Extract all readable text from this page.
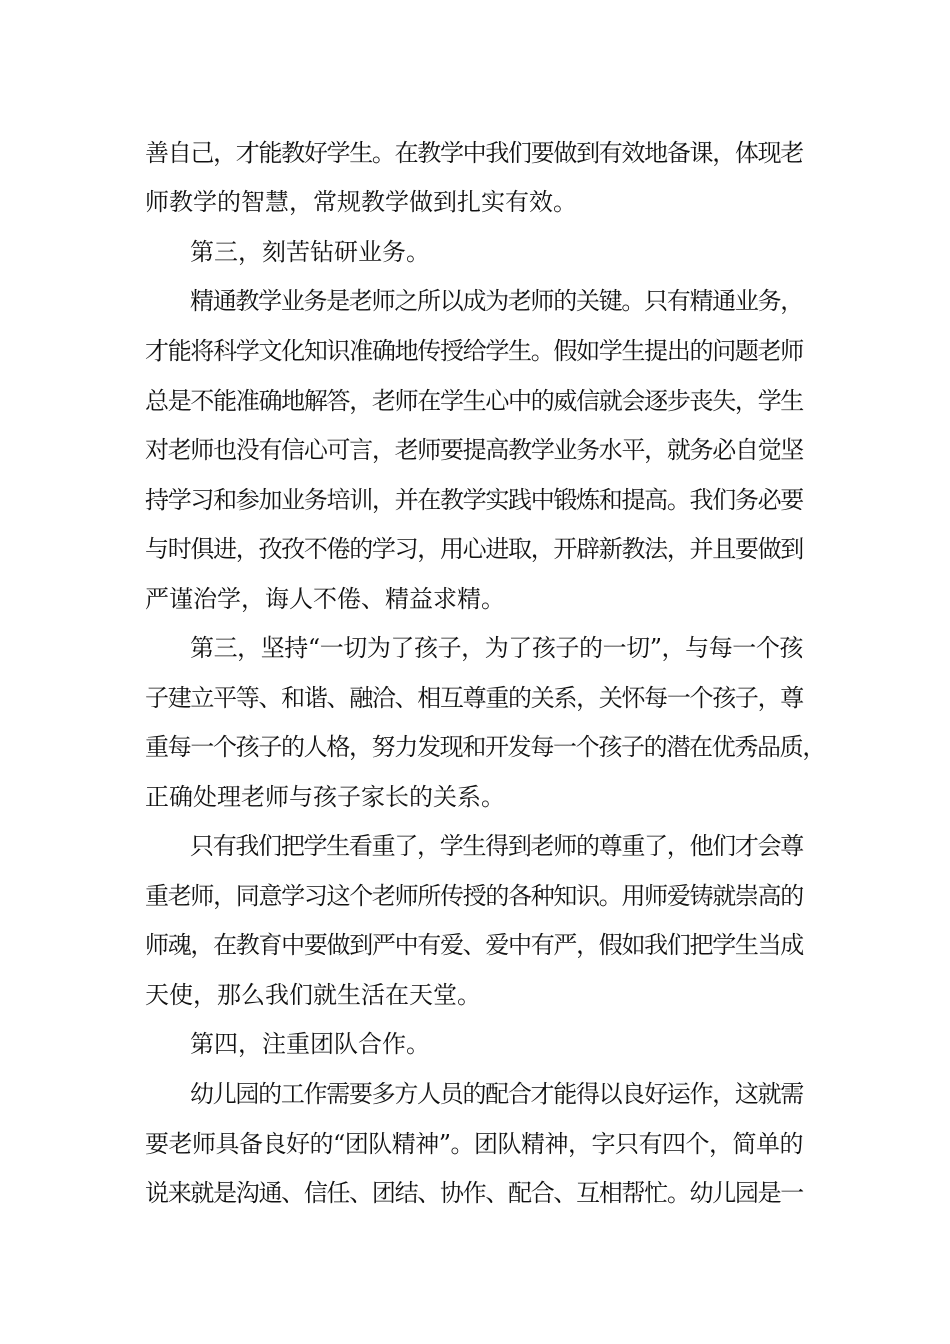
善自己，才能教好学生。在教学中我们要做到有效地备课，体现老
师教学的智慧，常规教学做到扎实有效。
第三，刻苦钻研业务。
精通教学业务是老师之所以成为老师的关键。只有精通业务，
才能将科学文化知识准确地传授给学生。假如学生提出的问题老师
总是不能准确地解答，老师在学生心中的威信就会逐步丧失，学生
对老师也没有信心可言，老师要提高教学业务水平，就务必自觉坚
持学习和参加业务培训，并在教学实践中锻炼和提高。我们务必要
与时俱进，孜孜不倦的学习，用心进取，开辟新教法，并且要做到
严谨治学，诲人不倦、精益求精。
第三，坚持“一切为了孩子，为了孩子的一切”，与每一个孩
子建立平等、和谐、融洽、相互尊重的关系，关怀每一个孩子，尊
重每一个孩子的人格，努力发现和开发每一个孩子的潜在优秀品质，
正确处理老师与孩子家长的关系。
只有我们把学生看重了，学生得到老师的尊重了，他们才会尊
重老师，同意学习这个老师所传授的各种知识。用师爱铸就崇高的
师魂，在教育中要做到严中有爱、爱中有严，假如我们把学生当成
天使，那么我们就生活在天堂。
第四，注重团队合作。
幼儿园的工作需要多方人员的配合才能得以良好运作，这就需
要老师具备良好的“团队精神”。团队精神，字只有四个，简单的
说来就是沟通、信任、团结、协作、配合、互相帮忙。幼儿园是一
